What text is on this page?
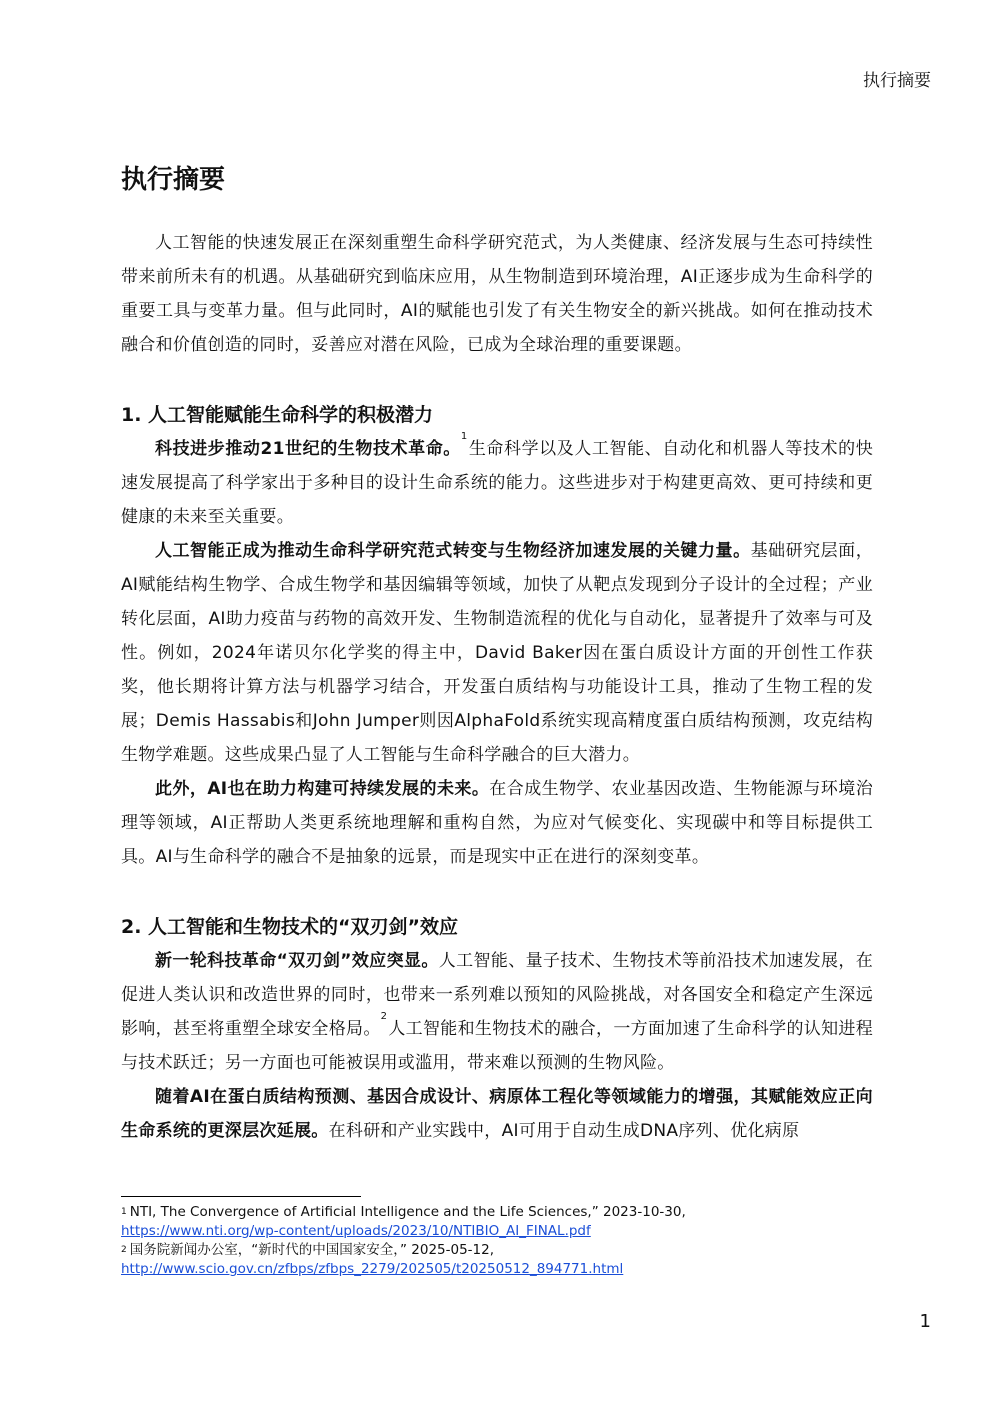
执行摘要
执行摘要

人工智能的快速发展正在深刻重塑生命科学研究范式，为人类健康、经济发展与生态可持续性带来前所未有的机遇。从基础研究到临床应用，从生物制造到环境治理，AI正逐步成为生命科学的重要工具与变革力量。但与此同时，AI的赋能也引发了有关生物安全的新兴挑战。如何在推动技术融合和价值创造的同时，妥善应对潜在风险，已成为全球治理的重要课题。

1. 人工智能赋能生命科学的积极潜力

科技进步推动21世纪的生物技术革命。$^1$生命科学以及人工智能、自动化和机器人等技术的快速发展提高了科学家出于多种目的设计生命系统的能力。这些进步对于构建更高效、更可持续和更健康的未来至关重要。

人工智能正成为推动生命科学研究范式转变与生物经济加速发展的关键力量。基础研究层面，AI赋能结构生物学、合成生物学和基因编辑等领域，加快了从靶点发现到分子设计的全过程；产业转化层面，AI助力疫苗与药物的高效开发、生物制造流程的优化与自动化，显著提升了效率与可及性。例如，2024年诺贝尔化学奖的得主中，David Baker因在蛋白质设计方面的开创性工作获奖，他长期将计算方法与机器学习结合，开发蛋白质结构与功能设计工具，推动了生物工程的发展；Demis Hassabis和John Jumper则因AlphaFold系统实现高精度蛋白质结构预测，攻克结构生物学难题。这些成果凸显了人工智能与生命科学融合的巨大潜力。

此外，AI也在助力构建可持续发展的未来。在合成生物学、农业基因改造、生物能源与环境治理等领域，AI正帮助人类更系统地理解和重构自然，为应对气候变化、实现碳中和等目标提供工具。AI与生命科学的融合不是抽象的远景，而是现实中正在进行的深刻变革。

2. 人工智能和生物技术的“双刃剑”效应

新一轮科技革命“双刃剑”效应突显。人工智能、量子技术、生物技术等前沿技术加速发展，在促进人类认识和改造世界的同时，也带来一系列难以预知的风险挑战，对各国安全和稳定产生深远影响，甚至将重塑全球安全格局。$^2$人工智能和生物技术的融合，一方面加速了生命科学的认知进程与技术跃迁；另一方面也可能被误用或滥用，带来难以预测的生物风险。

随着AI在蛋白质结构预测、基因合成设计、病原体工程化等领域能力的增强，其赋能效应正向生命系统的更深层次延展。在科研和产业实践中，AI可用于自动生成DNA序列、优化病原

$^1$ NTI, The Convergence of Artificial Intelligence and the Life Sciences,” 2023-10-30,
https://www.nti.org/wp-content/uploads/2023/10/NTIBIO_AI_FINAL.pdf
$^2$ 国务院新闻办公室，“新时代的中国国家安全，” 2025-05-12,
http://www.scio.gov.cn/zfbps/zfbps_2279/202505/t20250512_894771.html
1
